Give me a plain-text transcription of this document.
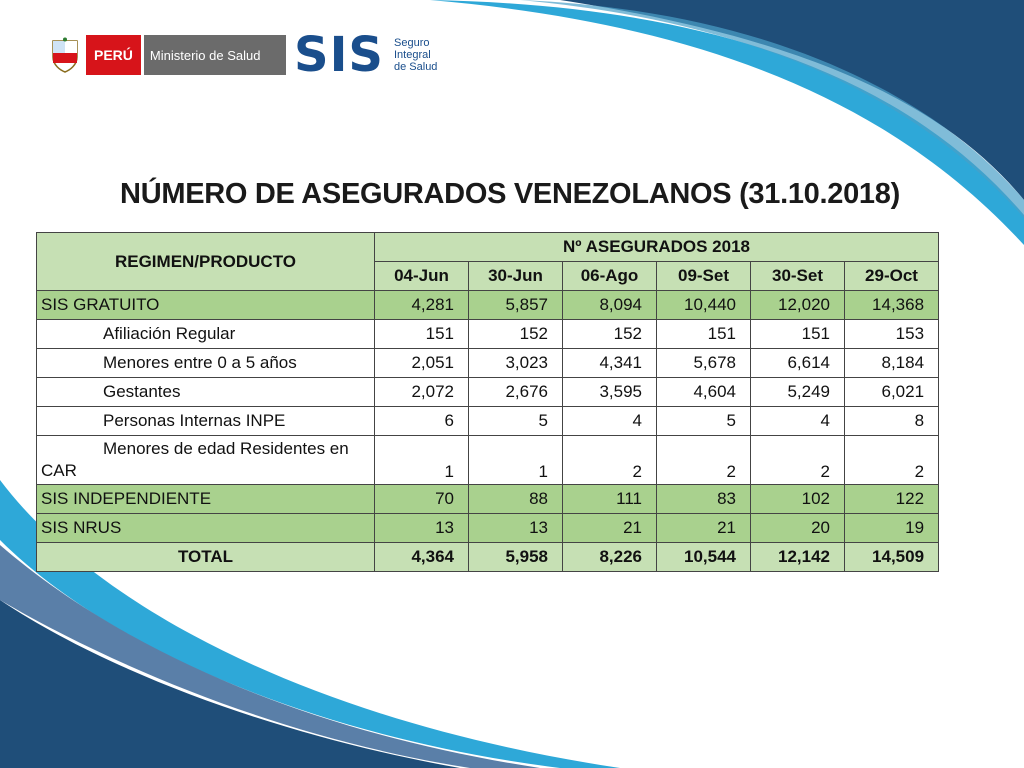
PERÚ	Ministerio de Salud SIS Seguro
Integral
de Salud
NÚMERO DE ASEGURADOS VENEZOLANOS (31.10.2018)
REGIMEN/PRODUCTO	Nº ASEGURADOS 2018					
	04-Jun	30-Jun	06-Ago	09-Set	30-Set	29-Oct
SIS GRATUITO	4,281	5,857	8,094	10,440	12,020	14,368
Afiliación Regular	151	152	152	151	151	153
Menores entre 0 a 5 años	2,051	3,023	4,341	5,678	6,614	8,184
Gestantes	2,072	2,676	3,595	4,604	5,249	6,021
Personas Internas INPE	6	5	4	5	4	8

Menores de edad Residentes en
CAR	1	1	2	2	2	2
SIS INDEPENDIENTE	70	88	111	83	102	122
SIS NRUS	13	13	21	21	20	19
TOTAL	4,364	5,958	8,226	10,544	12,142	14,509
